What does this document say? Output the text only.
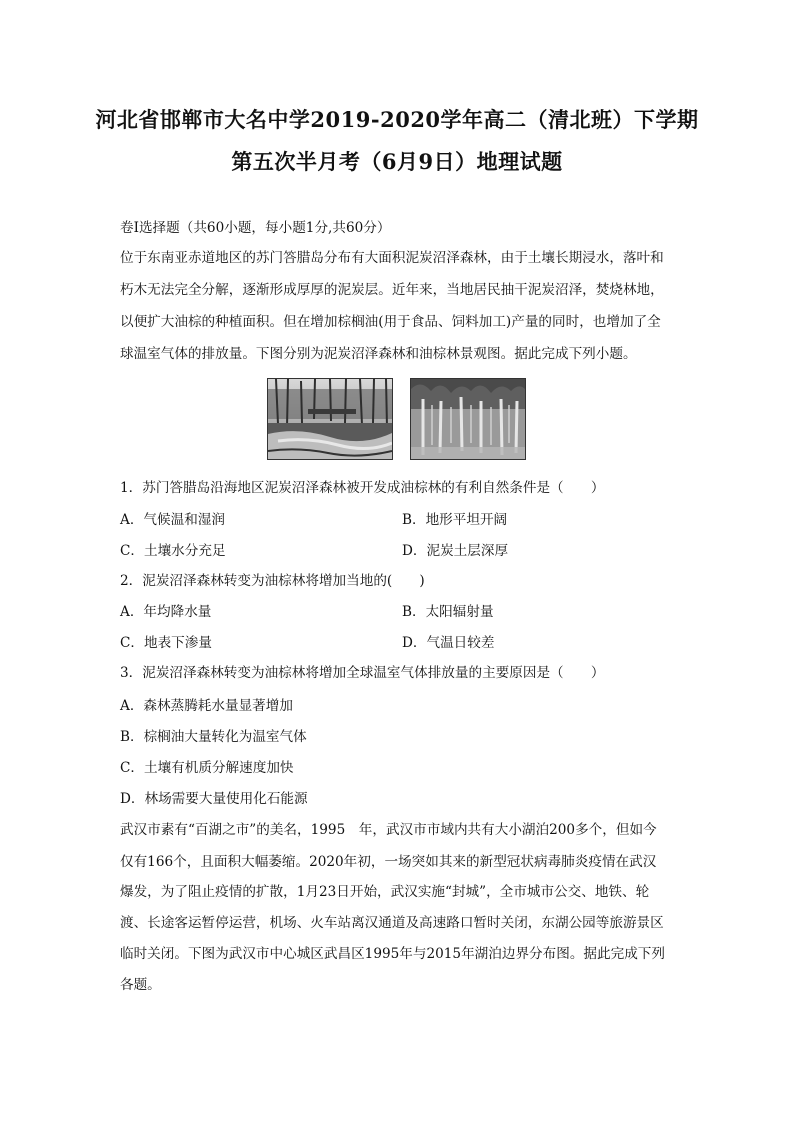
河北省邯郸市大名中学2019-2020学年高二（清北班）下学期
第五次半月考（6月9日）地理试题
卷Ⅰ选择题（共60小题，每小题1分,共60分）
位于东南亚赤道地区的苏门答腊岛分布有大面积泥炭沼泽森林，由于土壤长期浸水，落叶和
朽木无法完全分解，逐渐形成厚厚的泥炭层。近年来，当地居民抽干泥炭沼泽，焚烧林地，
以便扩大油棕的种植面积。但在增加棕榈油(用于食品、饲料加工)产量的同时，也增加了全
球温室气体的排放量。下图分别为泥炭沼泽森林和油棕林景观图。据此完成下列小题。
1．苏门答腊岛沿海地区泥炭沼泽森林被开发成油棕林的有利自然条件是（　　）
A．气候温和湿润	B．地形平坦开阔
C．土壤水分充足	D．泥炭土层深厚
2．泥炭沼泽森林转变为油棕林将增加当地的(　　)
A．年均降水量	B．太阳辐射量
C．地表下渗量	D．气温日较差
3．泥炭沼泽森林转变为油棕林将增加全球温室气体排放量的主要原因是（　　）
A．森林蒸腾耗水量显著增加
B．棕榈油大量转化为温室气体
C．土壤有机质分解速度加快
D．林场需要大量使用化石能源
武汉市素有“百湖之市”的美名，1995　年，武汉市市域内共有大小湖泊200多个，但如今
仅有166个，且面积大幅萎缩。2020年初，一场突如其来的新型冠状病毒肺炎疫情在武汉
爆发，为了阻止疫情的扩散，1月23日开始，武汉实施“封城”，全市城市公交、地铁、轮
渡、长途客运暂停运营，机场、火车站离汉通道及高速路口暂时关闭，东湖公园等旅游景区
临时关闭。下图为武汉市中心城区武昌区1995年与2015年湖泊边界分布图。据此完成下列
各题。
